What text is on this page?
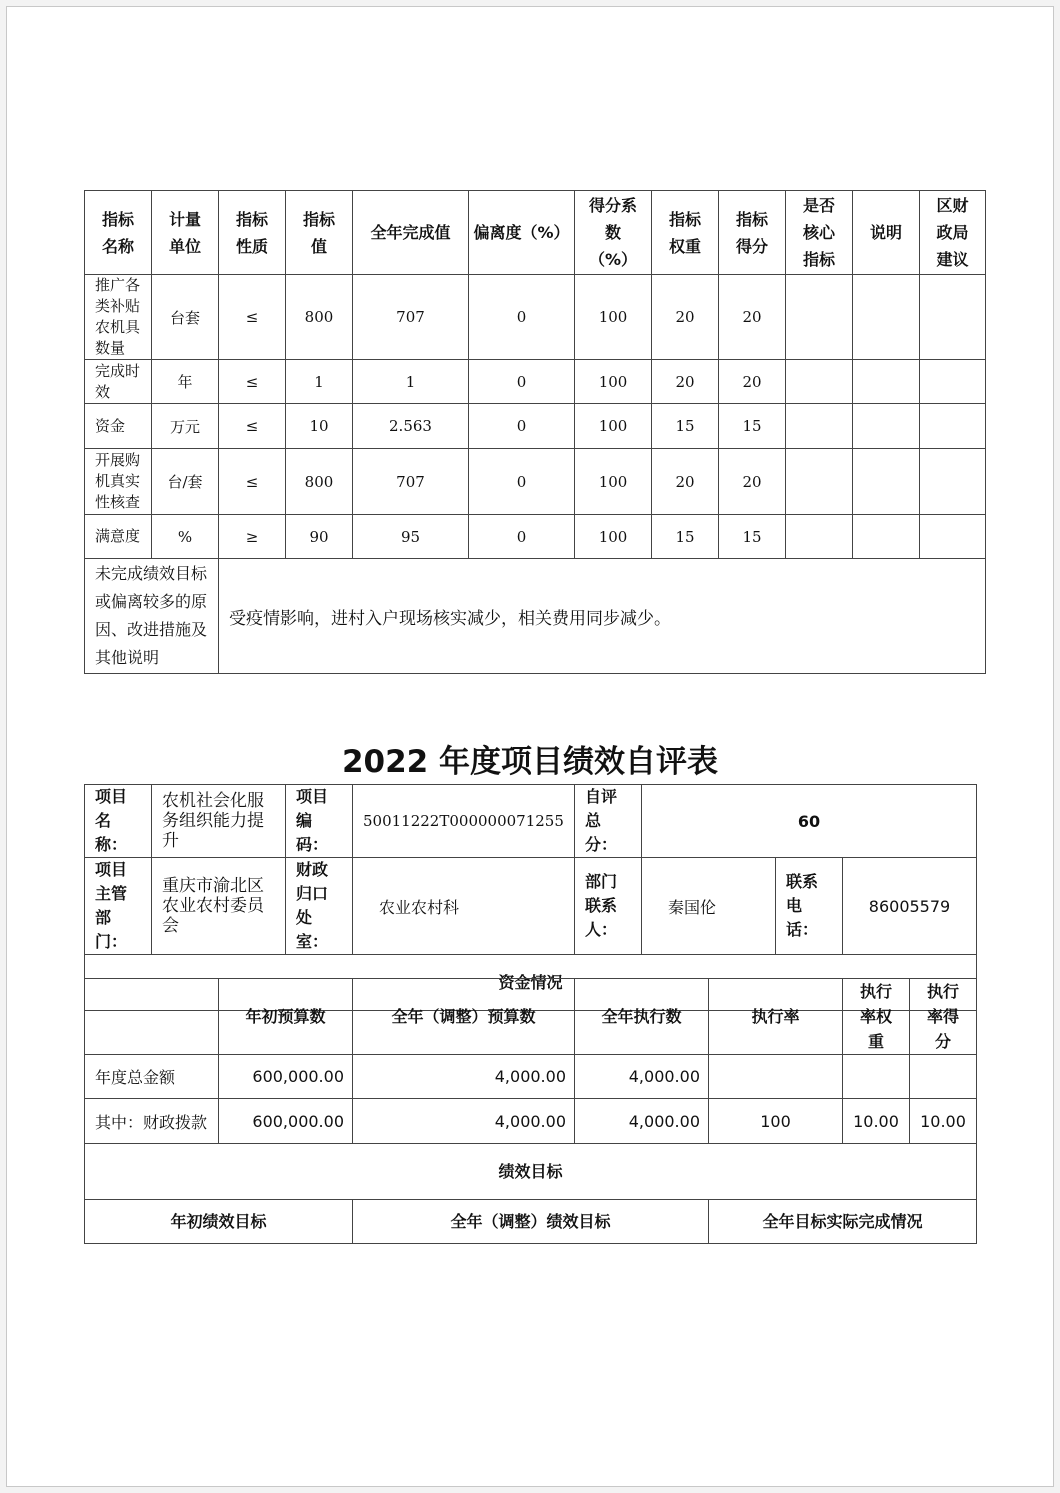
指标名称	计量单位	指标性质	指标值	全年完成值	偏离度（%）	得分系数（%）	指标权重	指标得分	是否核心指标	说明	区财政局建议
推广各类补贴农机具数量	台套	≤	800	707	0	100	20	20			
完成时效	年	≤	1	1	0	100	20	20			
资金	万元	≤	10	2.563	0	100	15	15			
开展购机真实性核查	台/套	≤	800	707	0	100	20	20			
满意度	%	≥	90	95	0	100	15	15			
未完成绩效目标或偏离较多的原因、改进措施及其他说明		受疫情影响，进村入户现场核实减少，相关费用同步减少。									
2022 年度项目绩效自评表
项目名称：	农机社会化服务组织能力提升	项目编码：	50011222T000000071255	自评总分：	60		
项目主管部门：	重庆市渝北区农业农村委员会	财政归口处室：	农业农村科	部门联系人：	秦国伦	联系电话：	86005579
资金情况							
	年初预算数	全年（调整）预算数	全年执行数	执行率	执行率权重	执行率得分
年度总金额	600,000.00	4,000.00	4,000.00			
其中：财政拨款	600,000.00	4,000.00	4,000.00	100	10.00	10.00
绩效目标						
年初绩效目标		全年（调整）绩效目标		全年目标实际完成情况		
